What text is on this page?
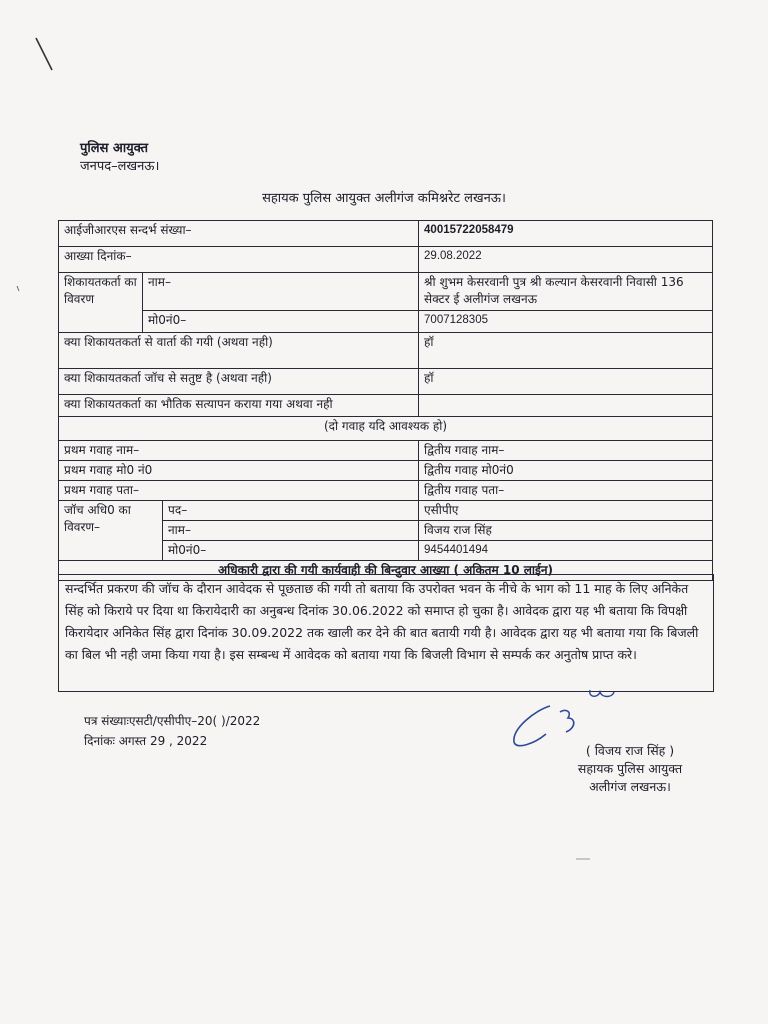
पुलिस आयुक्त
जनपद–लखनऊ।
सहायक पुलिस आयुक्त अलीगंज कमिश्नरेट लखनऊ।
आईजीआरएस सन्दर्भ संख्या–			40015722058479
आख्या दिनांक–			29.08.2022
शिकायतकर्ता का विवरण	नाम–		श्री शुभम केसरवानी पुत्र श्री कल्यान केसरवानी निवासी 136 सेक्टर ई अलीगंज लखनऊ
	मो0नं0–		7007128305
क्या शिकायतकर्ता से वार्ता की गयी (अथवा नही)			हॉ
क्या शिकायतकर्ता जॉच से सतुष्ट है (अथवा नही)			हॉ
क्या शिकायतकर्ता का भौतिक सत्यापन कराया गया अथवा नही			
(दो गवाह यदि आवश्यक हो)			
प्रथम गवाह नाम–			द्वितीय गवाह नाम–
प्रथम गवाह मो0 नं0			द्वितीय गवाह मो0नं0
प्रथम गवाह पता–			द्वितीय गवाह पता–
जॉच अधि0 का विवरण–		पद–	एसीपीए
		नाम–	विजय राज सिंह
		मो0नं0–	9454401494
अधिकारी द्वारा की गयी कार्यवाही की बिन्दुवार आख्या ( अकितम 10 लाईन)			
सन्दर्भित प्रकरण की जॉच के दौरान आवेदक से पूछताछ की गयी तो बताया कि उपरोक्त भवन के नीचे के भाग को 11 माह के लिए अनिकेत सिंह को किराये पर दिया था किरायेदारी का अनुबन्ध दिनांक 30.06.2022 को समाप्त हो चुका है। आवेदक द्वारा यह भी बताया कि विपक्षी किरायेदार अनिकेत सिंह द्वारा दिनांक 30.09.2022 तक खाली कर देने की बात बतायी गयी है। आवेदक द्वारा यह भी बताया गया कि बिजली का बिल भी नही जमा किया गया है। इस सम्बन्ध में आवेदक को बताया गया कि बिजली विभाग से सम्पर्क कर अनुतोष प्राप्त करे।
पत्र संख्याःएसटी/एसीपीए–20( )/2022
दिनांकः अगस्त 29 , 2022
( विजय राज सिंह )
सहायक पुलिस आयुक्त
अलीगंज लखनऊ।
